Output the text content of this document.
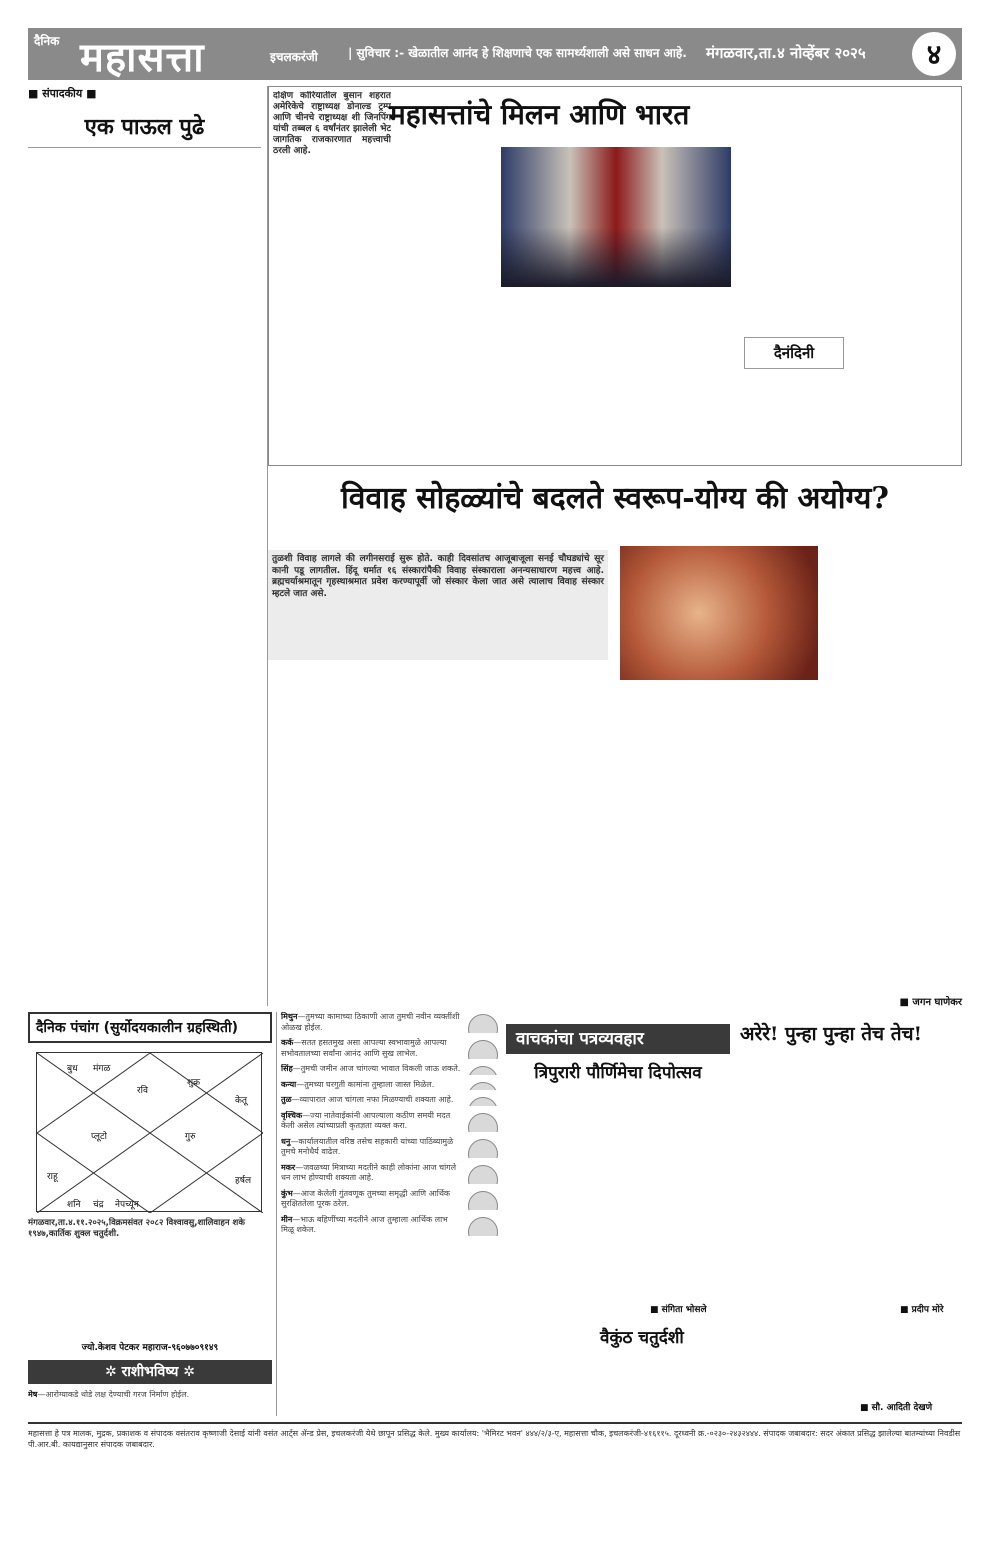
दैनिक महासत्ता	इचलकरंजी	| सुविचार :- खेळातील आनंद हे शिक्षणाचे एक सामर्थ्यशाली असे साधन आहे. मंगळवार,ता.४ नोव्हेंबर २०२५	४
■ संपादकीय ■
एक पाऊल पुढे
दक्षिण कोरियातील बुसान शहरात अमेरिकेचे राष्ट्राध्यक्ष डोनाल्ड ट्रम्प आणि चीनचे राष्ट्राध्यक्ष शी जिनपिंग यांची तब्बल ६ वर्षांनंतर झालेली भेट जागतिक राजकारणात महत्त्वाची ठरली आहे.
महासत्तांचे मिलन आणि भारत
दैनंदिनी
विवाह सोहळ्यांचे बदलते स्वरूप-योग्य की अयोग्य?
तुळशी विवाह लागले की लगीनसराई सुरू होते. काही दिवसांतच आजूबाजूला सनई चौघड्यांचे सूर कानी पडू लागतील. हिंदू धर्मात १६ संस्कारांपैकी विवाह संस्काराला अनन्यसाधारण महत्त्व आहे. ब्रह्मचर्याश्रमातून गृहस्थाश्रमात प्रवेश करण्यापूर्वी जो संस्कार केला जात असे त्यालाच विवाह संस्कार म्हटले जात असे.
■ जगन घाणेकर
दैनिक पंचांग (सुर्योदयकालीन ग्रहस्थिती)
बुध मंगळ
रवि
शुक्र
केतू
प्लूटो	गुरु
राहू	हर्षल
शनि चंद्र नेपच्यून
मंगळवार,ता.४.११.२०२५,विक्रमसंवत २०८२ विश्वावसु,शालिवाहन शके १९४७,कार्तिक शुक्ल चतुर्दशी.
ज्यो.केशव पेटकर महाराज-९६०७७०९१४९
✲ राशीभविष्य ✲
मेष—आरोग्याकडे थोडे लक्ष देण्याची गरज निर्माण होईल.
मिथुन—तुमच्या कामाच्या ठिकाणी आज तुमची नवीन व्यक्तींशी ओळख होईल.
कर्क—सतत हसतमुख असा आपल्या स्वभावामुळे आपल्या सभोवतालच्या सर्वांना आनंद आणि सुख लाभेल.
सिंह—तुमची जमीन आज चांगल्या भावात विकली जाऊ शकते.
कन्या—तुमच्या घरगुती कामांना तुम्हाला जास्त मिळेल.
तुळ—व्यापारात आज चांगला नफा मिळण्याची शक्यता आहे.
वृश्चिक—ज्या नातेवाईकांनी आपल्याला कठीण समयी मदत केली असेल त्यांच्याप्रती कृतज्ञता व्यक्त करा.
धनु—कार्यालयातील वरिष्ठ तसेच सहकारी यांच्या पाठिंब्यामुळे तुमचे मनोधैर्य वाढेल.
मकर—जवळच्या मित्राच्या मदतीने काही लोकांना आज चांगले धन लाभ होण्याची शक्यता आहे.
कुंभ—आज केलेली गुंतवणूक तुमच्या समृद्धी आणि आर्थिक सुरक्षिततेला पूरक ठरेल.
मीन—भाऊ बहिणींच्या मदतीने आज तुम्हाला आर्थिक लाभ मिळू शकेल.
वाचकांचा पत्रव्यवहार	अरेरे! पुन्हा पुन्हा तेच तेच!
त्रिपुरारी पौर्णिमेचा दिपोत्सव
■ संगिता भोसले	■ प्रदीप मोरे
वैकुंठ चतुर्दशी
■ सौ. आदिती देखणे
महासत्ता हे पत्र मालक, मुद्रक, प्रकाशक व संपादक वसंतराव कृष्णाजी देसाई यांनी वसंत आर्ट्स ॲन्ड प्रेस, इचलकरंजी येथे छापून प्रसिद्ध केले. मुख्य कार्यालय: 'भैमिरट भवन' ४४४/२/३-ए, महासत्ता चौक, इचलकरंजी-४१६११५. दूरध्वनी क्र.-०२३०-२४३२४४४. संपादक जबाबदार: सदर अंकात प्रसिद्ध झालेल्या बातम्यांच्या निवडीस पी.आर.बी. कायद्यानुसार संपादक जबाबदार.
